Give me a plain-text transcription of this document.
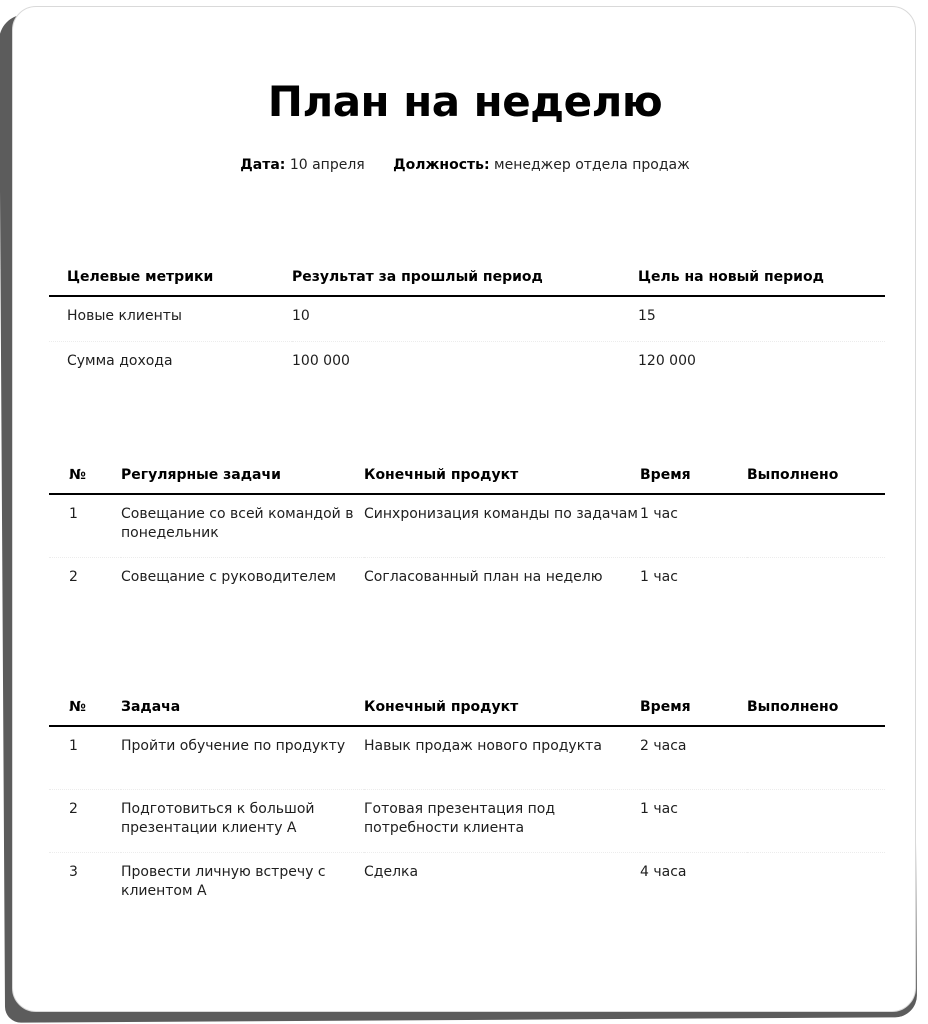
План на неделю
Дата: 10 апреля Должность: менеджер отдела продаж
Целевые метрики	Результат за прошлый период	Цель на новый период
Новые клиенты	10	15
Сумма дохода	100 000	120 000
№	Регулярные задачи	Конечный продукт	Время	Выполнено
1	Совещание со всей командой в понедельник	Синхронизация команды по задачам	1 час	
2	Совещание с руководителем	Согласованный план на неделю	1 час	
№	Задача	Конечный продукт	Время	Выполнено
1	Пройти обучение по продукту	Навык продаж нового продукта	2 часа	
2	Подготовиться к большой презентации клиенту А	Готовая презентация под потребности клиента	1 час	
3	Провести личную встречу с клиентом А	Сделка	4 часа	
